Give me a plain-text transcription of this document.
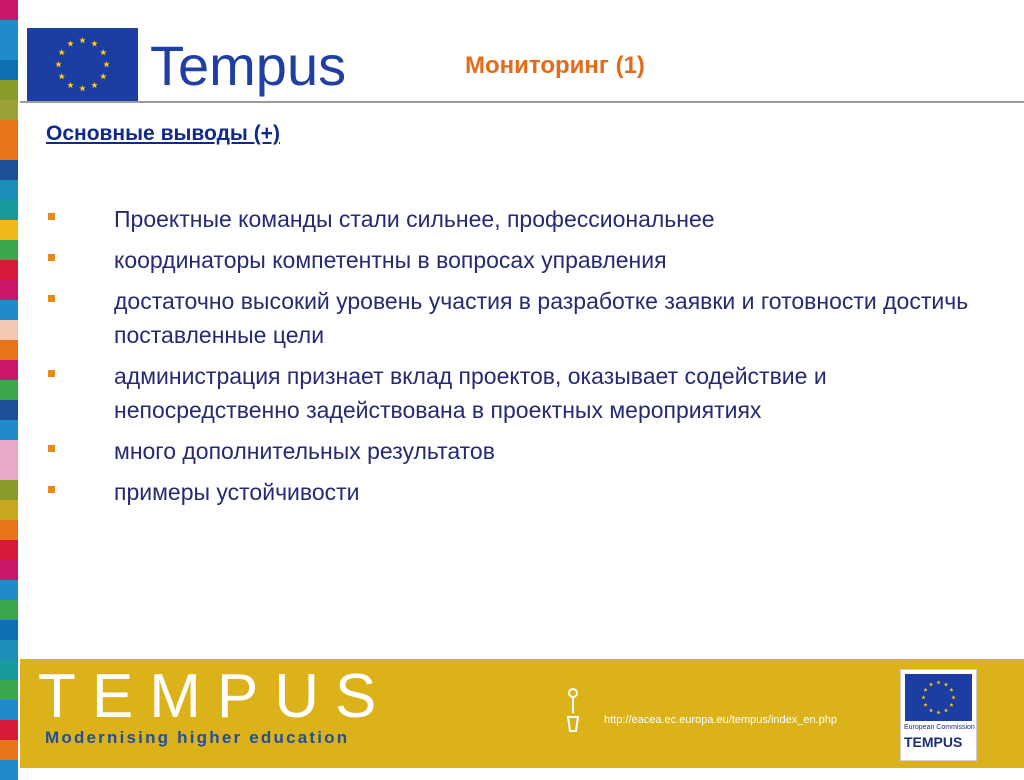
Tempus	Мониторинг (1)
Основные выводы (+)
Проектные команды стали сильнее, профессиональнее
координаторы компетентны в вопросах управления
достаточно высокий уровень участия в разработке заявки и готовности достичь поставленные цели
администрация признает вклад проектов, оказывает содействие и непосредственно задействована в проектных мероприятиях
много дополнительных результатов
примеры устойчивости
TEMPUS
Modernising higher education
http://eacea.ec.europa.eu/tempus/index_en.php
European Commission
TEMPUS
